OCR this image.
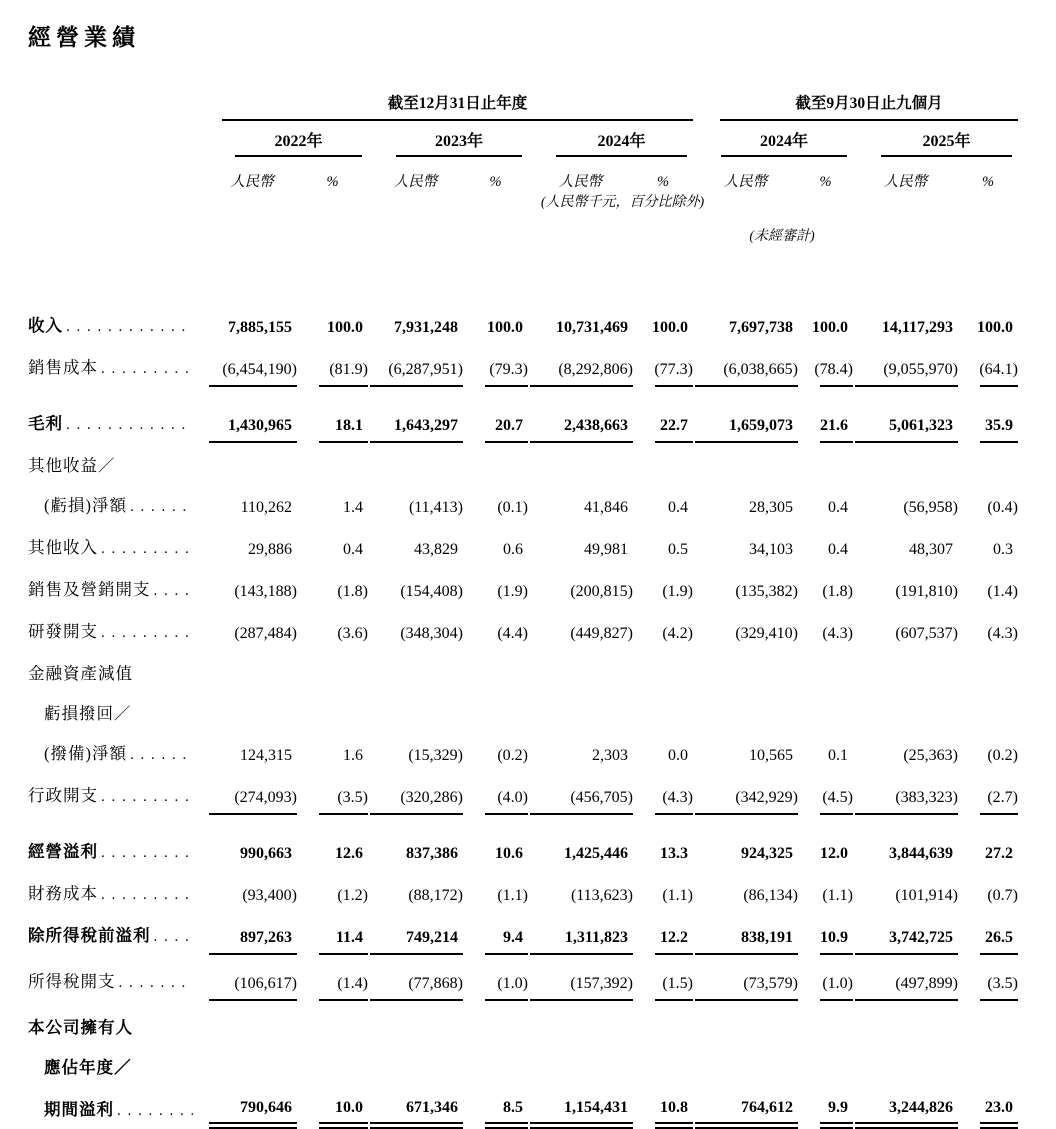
經營業績
截至12月31日止年度	截至9月30日止九個月
2022年	2023年	2024年	2024年	2025年
人民幣	%	人民幣	%	人民幣	%	人民幣	%	人民幣	%
(人民幣千元，百分比除外)
(未經審計)
收入 . . .	7,885,155 100.0 7,931,248 100.0 10,731,469 100.0	7,697,738 100.0 14,117,293 100.0
銷售成本 . . .	(6,454,190) (81.9) (6,287,951) (79.3) (8,292,806) (77.3) (6,038,665) (78.4) (9,055,970) (64.1)
毛利 . . .	1,430,965	18.1 1,643,297 20.7	2,438,663 22.7	1,659,073 21.6	5,061,323 35.9
其他收益／
(虧損)淨額 . . .	110,262	1.4	(11,413) (0.1)	41,846	0.4	28,305 0.4	(56,958) (0.4)
其他收入 . . .	29,886	0.4	43,829	0.6	49,981	0.5	34,103 0.4	48,307	0.3
銷售及營銷開支 . . .	(143,188)	(1.8) (154,408) (1.9)	(200,815) (1.9)	(135,382) (1.8)	(191,810) (1.4)
研發開支 . . .	(287,484)	(3.6) (348,304) (4.4)	(449,827) (4.2)	(329,410) (4.3)	(607,537) (4.3)
金融資產減值
虧損撥回／
(撥備)淨額 . . .	124,315	1.6	(15,329) (0.2)	2,303	0.0	10,565 0.1	(25,363) (0.2)
行政開支 . . .	(274,093)	(3.5) (320,286) (4.0)	(456,705) (4.3)	(342,929) (4.5)	(383,323) (2.7)
經營溢利 . . .	990,663	12.6	837,386 10.6	1,425,446 13.3	924,325 12.0	3,844,639 27.2
財務成本 . . .	(93,400)	(1.2)	(88,172) (1.1)	(113,623) (1.1)	(86,134) (1.1)	(101,914) (0.7)
除所得稅前溢利 . . .	897,263	11.4	749,214	9.4	1,311,823 12.2	838,191 10.9	3,742,725 26.5
所得稅開支 . . .	(106,617)	(1.4)	(77,868) (1.0)	(157,392) (1.5)	(73,579) (1.0)	(497,899) (3.5)
本公司擁有人
應佔年度／
期間溢利 . . .	790,646	10.0	671,346	8.5	1,154,431 10.8	764,612 9.9	3,244,826 23.0
